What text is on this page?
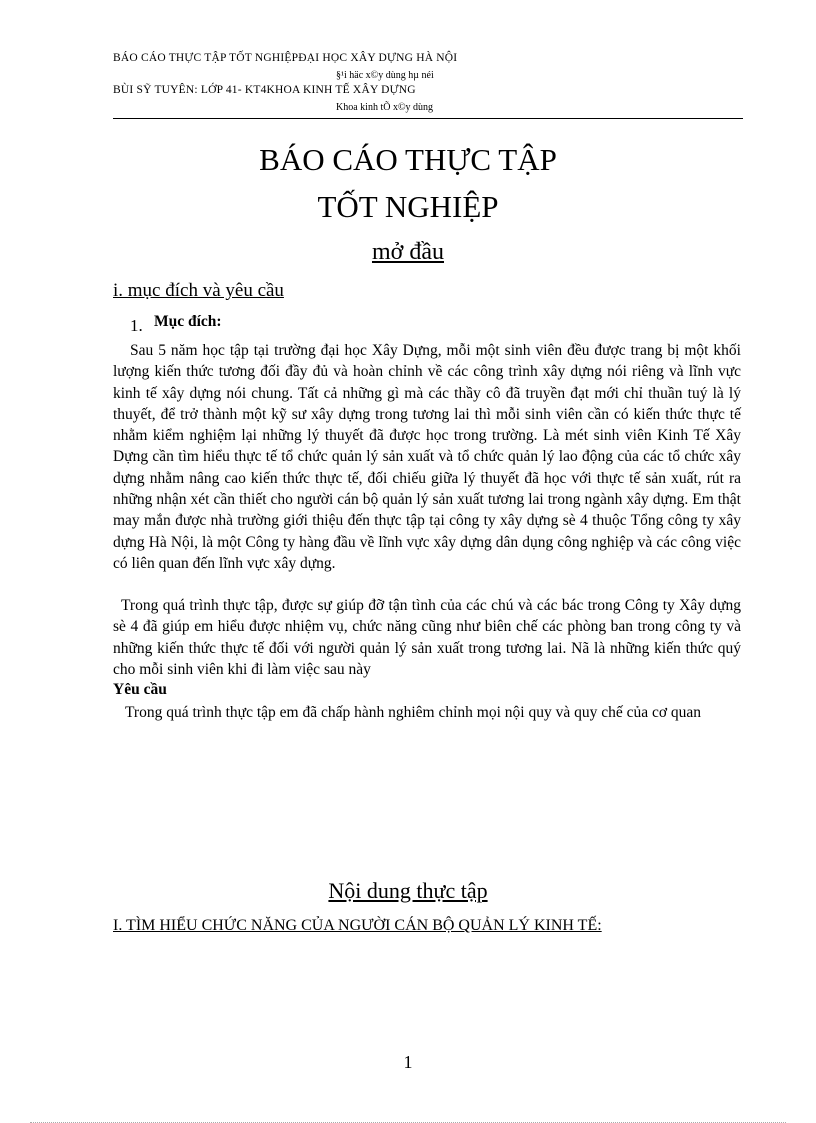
BÁO CÁO THỰC TẬP TỐT NGHIỆPĐẠI HỌC XÂY DỰNG HÀ NỘI
§¹i häc x©y dùng hµ néi
BÙI SỸ TUYÊN: LỚP 41- KT4KHOA KINH TẾ XÂY DỰNG
Khoa kinh tÕ x©y dùng
BÁO CÁO THỰC TẬP
TỐT NGHIỆP
mở đầu
i. mục đích và yêu cầu
1. Mục đích:

Sau 5 năm học tập tại trường đại học Xây Dựng, mỗi một sinh viên đều được trang bị một khối lượng kiến thức tương đối đầy đủ và hoàn chỉnh về các công trình xây dựng nói riêng và lĩnh vực kinh tế xây dựng nói chung. Tất cả những gì mà các thầy cô đã truyền đạt mới chỉ thuần tuý là lý thuyết, để trở thành một kỹ sư xây dựng trong tương lai thì mỗi sinh viên cần có kiến thức thực tế nhằm kiểm nghiệm lại những lý thuyết đã được học trong trường. Là mét sinh viên Kinh Tế Xây Dựng cần tìm hiểu thực tế tổ chức quản lý sản xuất và tổ chức quản lý lao động của các tổ chức xây dựng nhằm nâng cao kiến thức thực tế, đối chiếu giữa lý thuyết đã học với thực tế sản xuất, rút ra những nhận xét cần thiết cho người cán bộ quản lý sản xuất tương lai trong ngành xây dựng. Em thật may mắn được nhà trường giới thiệu đến thực tập tại công ty xây dựng sè 4 thuộc Tổng công ty xây dựng Hà Nội, là một Công ty hàng đầu về lĩnh vực xây dựng dân dụng công nghiệp và các công việc có liên quan đến lĩnh vực xây dựng.

Trong quá trình thực tập, được sự giúp đỡ tận tình của các chú và các bác trong Công ty Xây dựng sè 4 đã giúp em hiểu được nhiệm vụ, chức năng cũng như biên chế các phòng ban trong công ty và những kiến thức thực tế đối với người quản lý sản xuất trong tương lai. Nã là những kiến thức quý cho mỗi sinh viên khi đi làm việc sau này

Yêu cầu

Trong quá trình thực tập em đã chấp hành nghiêm chỉnh mọi nội quy và quy chế của cơ quan

Nội dung thực tập
I. TÌM HIỂU CHỨC NĂNG CỦA NGƯỜI CÁN BỘ QUẢN LÝ KINH TẾ:
1
